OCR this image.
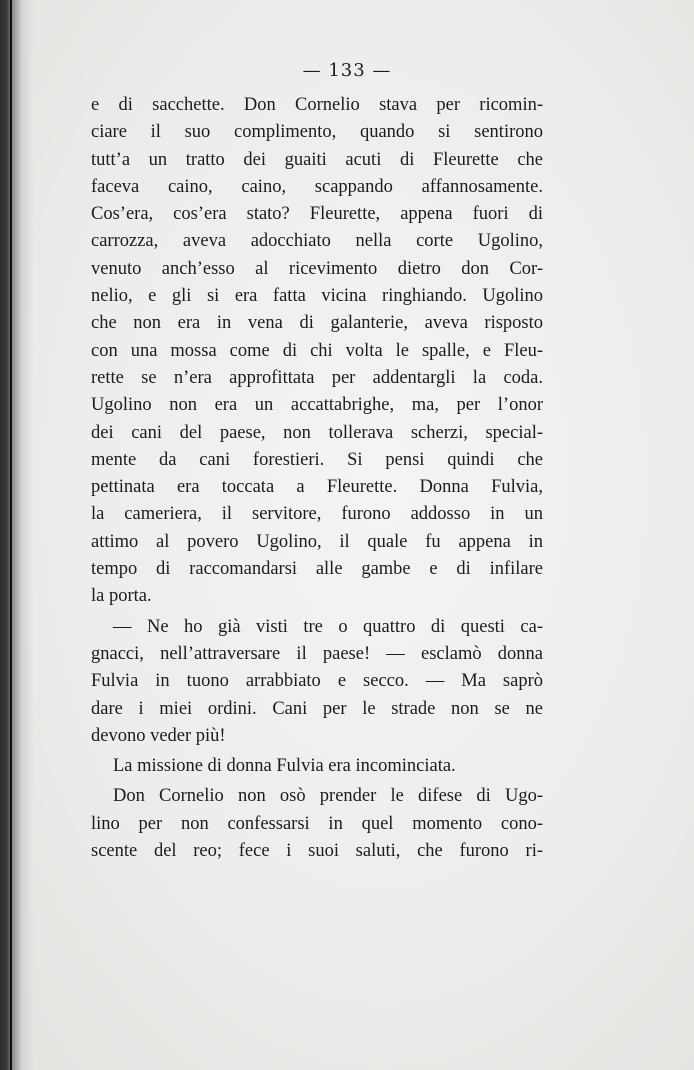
— 133 —
e di sacchette. Don Cornelio stava per ricomin-
ciare il suo complimento, quando si sentirono
tutt’a un tratto dei guaiti acuti di Fleurette che
faceva caino, caino, scappando affannosamente.
Cos’era, cos’era stato? Fleurette, appena fuori di
carrozza, aveva adocchiato nella corte Ugolino,
venuto anch’esso al ricevimento dietro don Cor-
nelio, e gli si era fatta vicina ringhiando. Ugolino
che non era in vena di galanterie, aveva risposto
con una mossa come di chi volta le spalle, e Fleu-
rette se n’era approfittata per addentargli la coda.
Ugolino non era un accattabrighe, ma, per l’onor
dei cani del paese, non tollerava scherzi, special-
mente da cani forestieri. Si pensi quindi che
pettinata era toccata a Fleurette. Donna Fulvia,
la cameriera, il servitore, furono addosso in un
attimo al povero Ugolino, il quale fu appena in
tempo di raccomandarsi alle gambe e di infilare
la porta.
— Ne ho già visti tre o quattro di questi ca-
gnacci, nell’attraversare il paese! — esclamò donna
Fulvia in tuono arrabbiato e secco. — Ma saprò
dare i miei ordini. Cani per le strade non se ne
devono veder più!
La missione di donna Fulvia era incominciata.
Don Cornelio non osò prender le difese di Ugo-
lino per non confessarsi in quel momento cono-
scente del reo; fece i suoi saluti, che furono ri-
